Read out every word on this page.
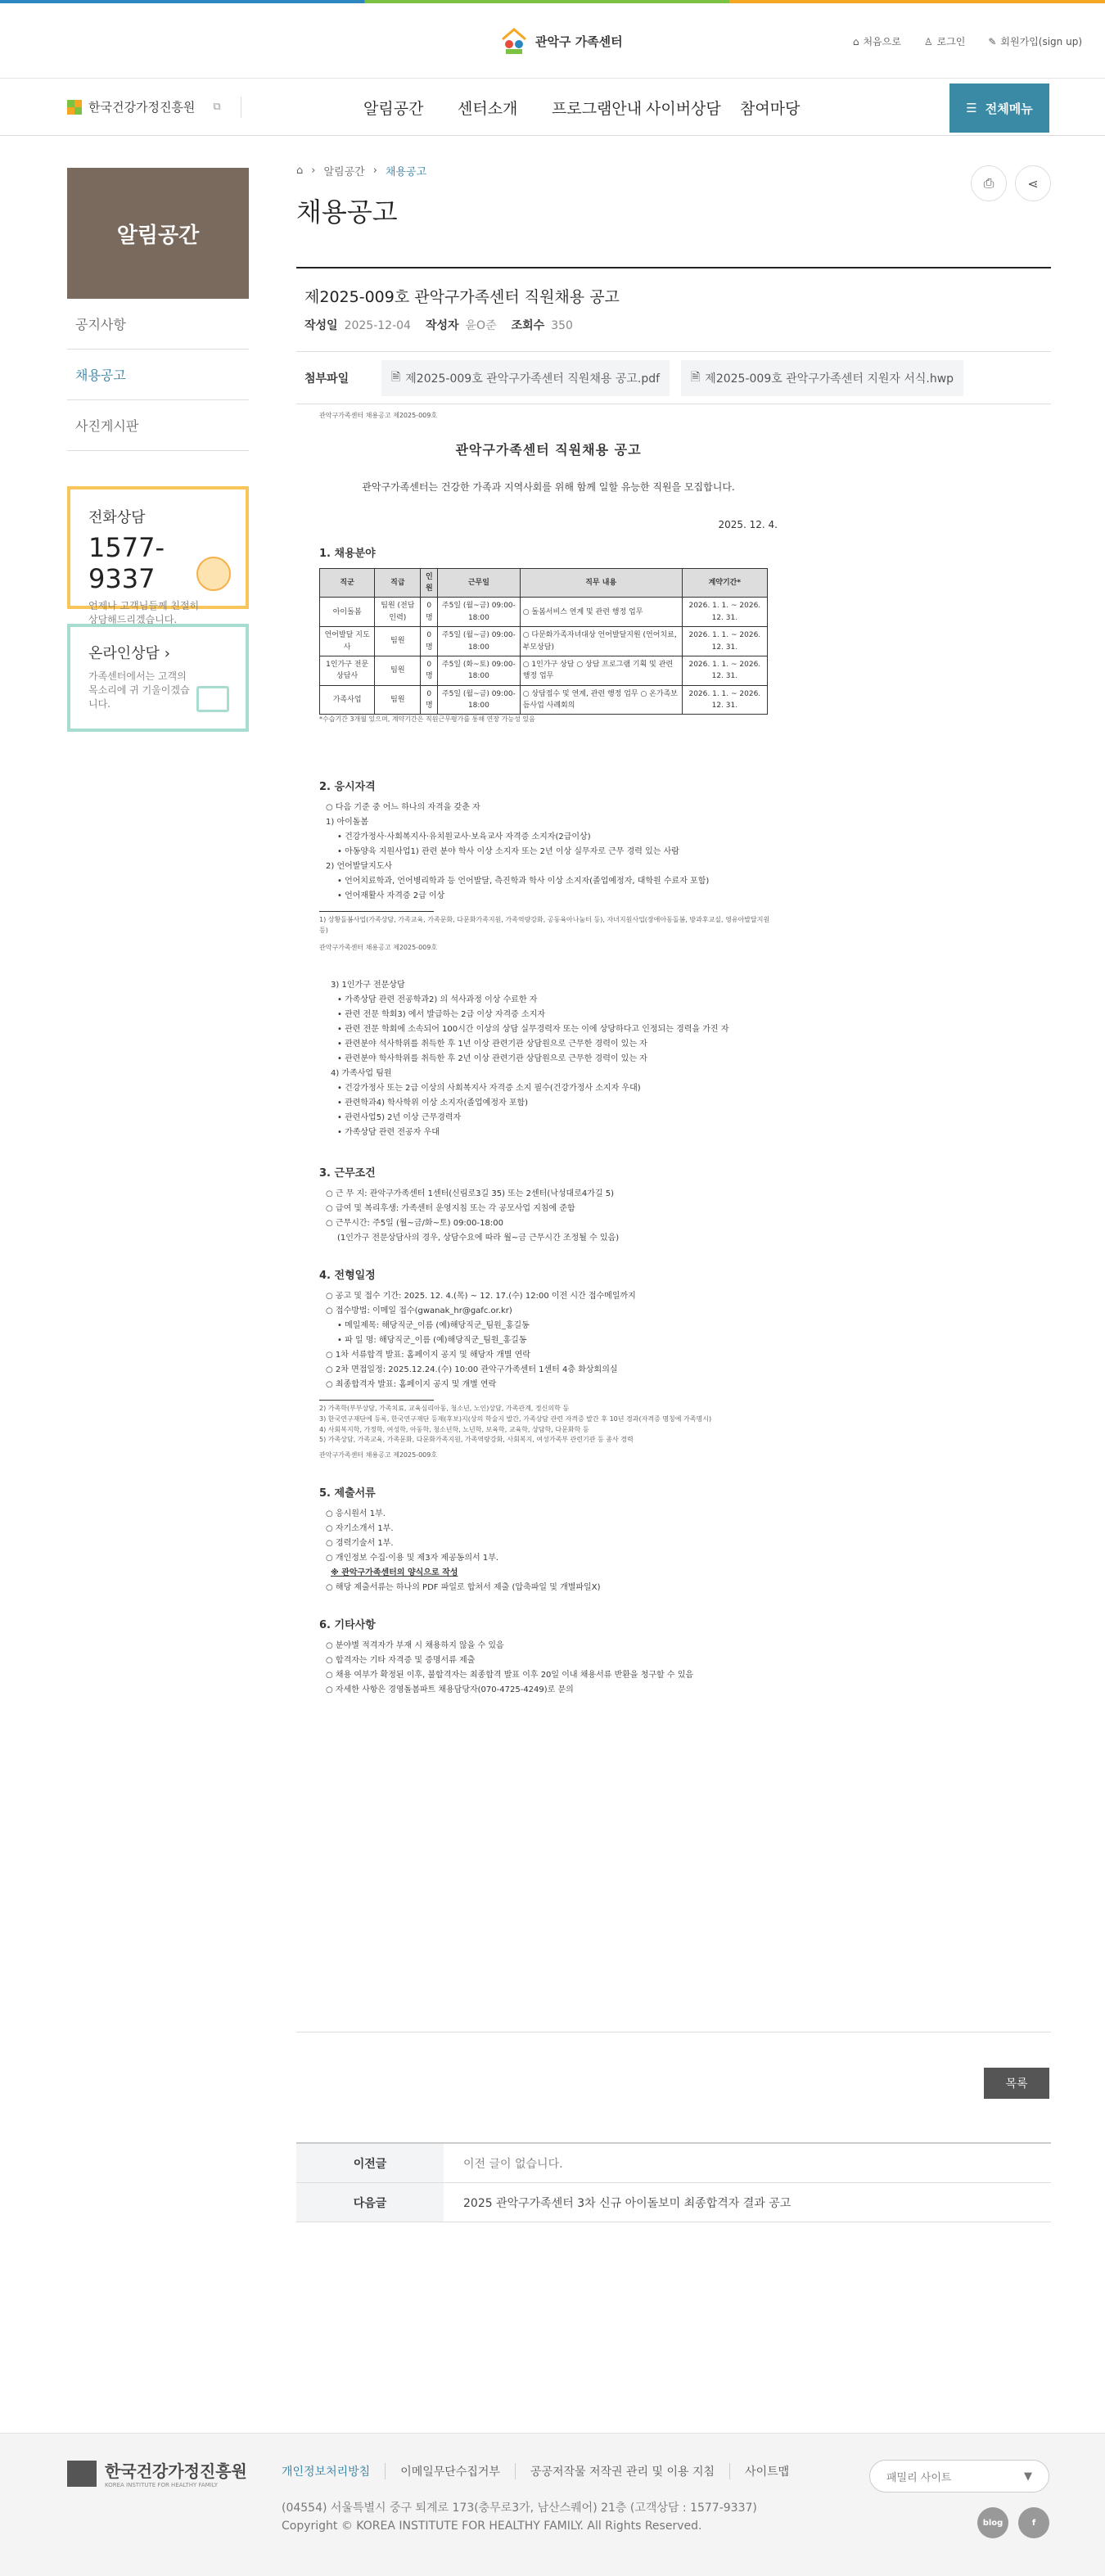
관악구 가족센터	⌂ 처음으로 ♙ 로그인 ✎ 회원가입(sign up)
한국건강가정진흥원 ⧉	알림공간	센터소개	프로그램안내 사이버상담	참여마당	☰ 전체메뉴
알림공간
공지사항
채용공고
사진게시판
전화상담
1577-9337
언제나 고객님들께 친절히 상담해드리겠습니다.
온라인상담 ›
가족센터에서는 고객의 목소리에 귀 기울이겠습니다.
⌂ › 알림공간 › 채용공고
채용공고
⎙	⋖
제2025-009호 관악구가족센터 직원채용 공고
작성일 2025-12-04 작성자 윤O준 조회수 350
첨부파일	🗎 제2025-009호 관악구가족센터 직원채용 공고.pdf	🗎 제2025-009호 관악구가족센터 지원자 서식.hwp
관악구가족센터 채용공고 제2025-009호
관악구가족센터 직원채용 공고
관악구가족센터는 건강한 가족과 지역사회를 위해 함께 일할 유능한 직원을 모집합니다.
2025. 12. 4.
1. 채용분야
직군	직급	인원	근무일	직무 내용	계약기간*
아이돌봄	팀원 (전담인력)	0명	주5일 (월~금) 09:00-18:00	○ 돌봄서비스 연계 및 관련 행정 업무	2026. 1. 1. ~ 2026. 12. 31.
언어발달 지도사	팀원	0명	주5일 (월~금) 09:00-18:00	○ 다문화가족자녀대상 언어발달지원 (언어치료, 부모상담)	2026. 1. 1. ~ 2026. 12. 31.
1인가구 전문상담사	팀원	0명	주5일 (화~토) 09:00-18:00	○ 1인가구 상담 ○ 상담 프로그램 기획 및 관련 행정 업무	2026. 1. 1. ~ 2026. 12. 31.
가족사업	팀원	0명	주5일 (월~금) 09:00-18:00	○ 상담접수 및 연계, 관련 행정 업무 ○ 온가족보듬사업 사례회의	2026. 1. 1. ~ 2026. 12. 31.
*수습기간 3개월 있으며, 계약기간은 직원근무평가를 통해 연장 가능성 있음
2. 응시자격

○ 다음 기준 중 어느 하나의 자격을 갖춘 자

1) 아이돌봄

• 건강가정사·사회복지사·유치원교사·보육교사 자격증 소지자(2급이상)

• 아동양육 지원사업1) 관련 분야 학사 이상 소지자 또는 2년 이상 실무자로 근무 경력 있는 사람

2) 언어발달지도사

• 언어치료학과, 언어병리학과 등 언어발달, 측진학과 학사 이상 소지자(졸업예정자, 대학원 수료자 포함)

• 언어재활사 자격증 2급 이상

1) 상황돌봄사업(가족상담, 가족교육, 가족문화, 다문화가족지원, 가족역량강화, 공동육아나눔터 등), 자녀지원사업(장애아동돌봄, 방과후교실, 영유아발달지원 등)
관악구가족센터 채용공고 제2025-009호

3) 1인가구 전문상담

• 가족상담 관련 전공학과2) 의 석사과정 이상 수료한 자

• 관련 전문 학회3) 에서 발급하는 2급 이상 자격증 소지자

• 관련 전문 학회에 소속되어 100시간 이상의 상담 실무경력자 또는 이에 상당하다고 인정되는 경력을 가진 자

• 관련분야 석사학위를 취득한 후 1년 이상 관련기관 상담원으로 근무한 경력이 있는 자

• 관련분야 학사학위를 취득한 후 2년 이상 관련기관 상담원으로 근무한 경력이 있는 자

4) 가족사업 팀원

• 건강가정사 또는 2급 이상의 사회복지사 자격증 소지 필수(건강가정사 소지자 우대)

• 관련학과4) 학사학위 이상 소지자(졸업예정자 포함)

• 관련사업5) 2년 이상 근무경력자

• 가족상담 관련 전공자 우대

3. 근무조건

○ 근 무 지: 관악구가족센터 1센터(신림로3길 35) 또는 2센터(낙성대로4가길 5)

○ 급여 및 복리후생: 가족센터 운영지침 또는 각 공모사업 지침에 준함

○ 근무시간: 주5일 (월~금/화~토) 09:00-18:00

(1인가구 전문상담사의 경우, 상담수요에 따라 월~금 근무시간 조정될 수 있음)

4. 전형일정

○ 공고 및 접수 기간: 2025. 12. 4.(목) ~ 12. 17.(수) 12:00 이전 시간 접수메일까지

○ 접수방법: 이메일 접수(gwanak_hr@gafc.or.kr)

• 메일제목: 해당직군_이름 (예)해당직군_팀원_홍길동

• 파 일 명: 해당직군_이름 (예)해당직군_팀원_홍길동

○ 1차 서류합격 발표: 홈페이지 공지 및 해당자 개별 연락

○ 2차 면접일정: 2025.12.24.(수) 10:00 관악구가족센터 1센터 4층 화상회의실

○ 최종합격자 발표: 홈페이지 공지 및 개별 연락

2) 가족학(부부상담, 가족치료, 교육심리아동, 청소년, 노인)상담, 가족관계, 정신의학 등
3) 한국연구재단에 등록, 한국연구재단 등재(후보)지(상의 학술지 발간, 가족상담 관련 자격증 발간 후 10년 경과(자격증 명칭에 가족명시)
4) 사회복지학, 가정학, 여성학, 아동학, 청소년학, 노년학, 보육학, 교육학, 상담학, 다문화학 등
5) 가족상담, 가족교육, 가족문화, 다문화가족지원, 가족역량강화, 사회복지, 여성가족부 관련기관 등 종사 경력
관악구가족센터 채용공고 제2025-009호
5. 제출서류

○ 응시원서 1부.

○ 자기소개서 1부.

○ 경력기술서 1부.

○ 개인정보 수집·이용 및 제3자 제공동의서 1부.

※ 관악구가족센터의 양식으로 작성

○ 해당 제출서류는 하나의 PDF 파일로 합쳐서 제출 (압축파일 및 개별파일X)

6. 기타사항

○ 분야별 적격자가 부재 시 채용하지 않을 수 있음

○ 합격자는 기타 자격증 및 증명서류 제출

○ 채용 여부가 확정된 이후, 불합격자는 최종합격 발표 이후 20일 이내 채용서류 반환을 청구할 수 있음

○ 자세한 사항은 경영돌봄파트 채용담당자(070-4725-4249)로 문의

목록
이전글	이전 글이 없습니다.
다음글	2025 관악구가족센터 3차 신규 아이돌보미 최종합격자 결과 공고
한국건강가정진흥원
KOREA INSTITUTE FOR HEALTHY FAMILY
개인정보처리방침	이메일무단수집거부	공공저작물 저작권 관리 및 이용 지침	사이트맵
(04554) 서울특별시 중구 퇴계로 173(충무로3가, 남산스퀘어) 21층 (고객상담 : 1577-9337)
Copyright © KOREA INSTITUTE FOR HEALTHY FAMILY. All Rights Reserved.
패밀리 사이트	▼
blog	f
